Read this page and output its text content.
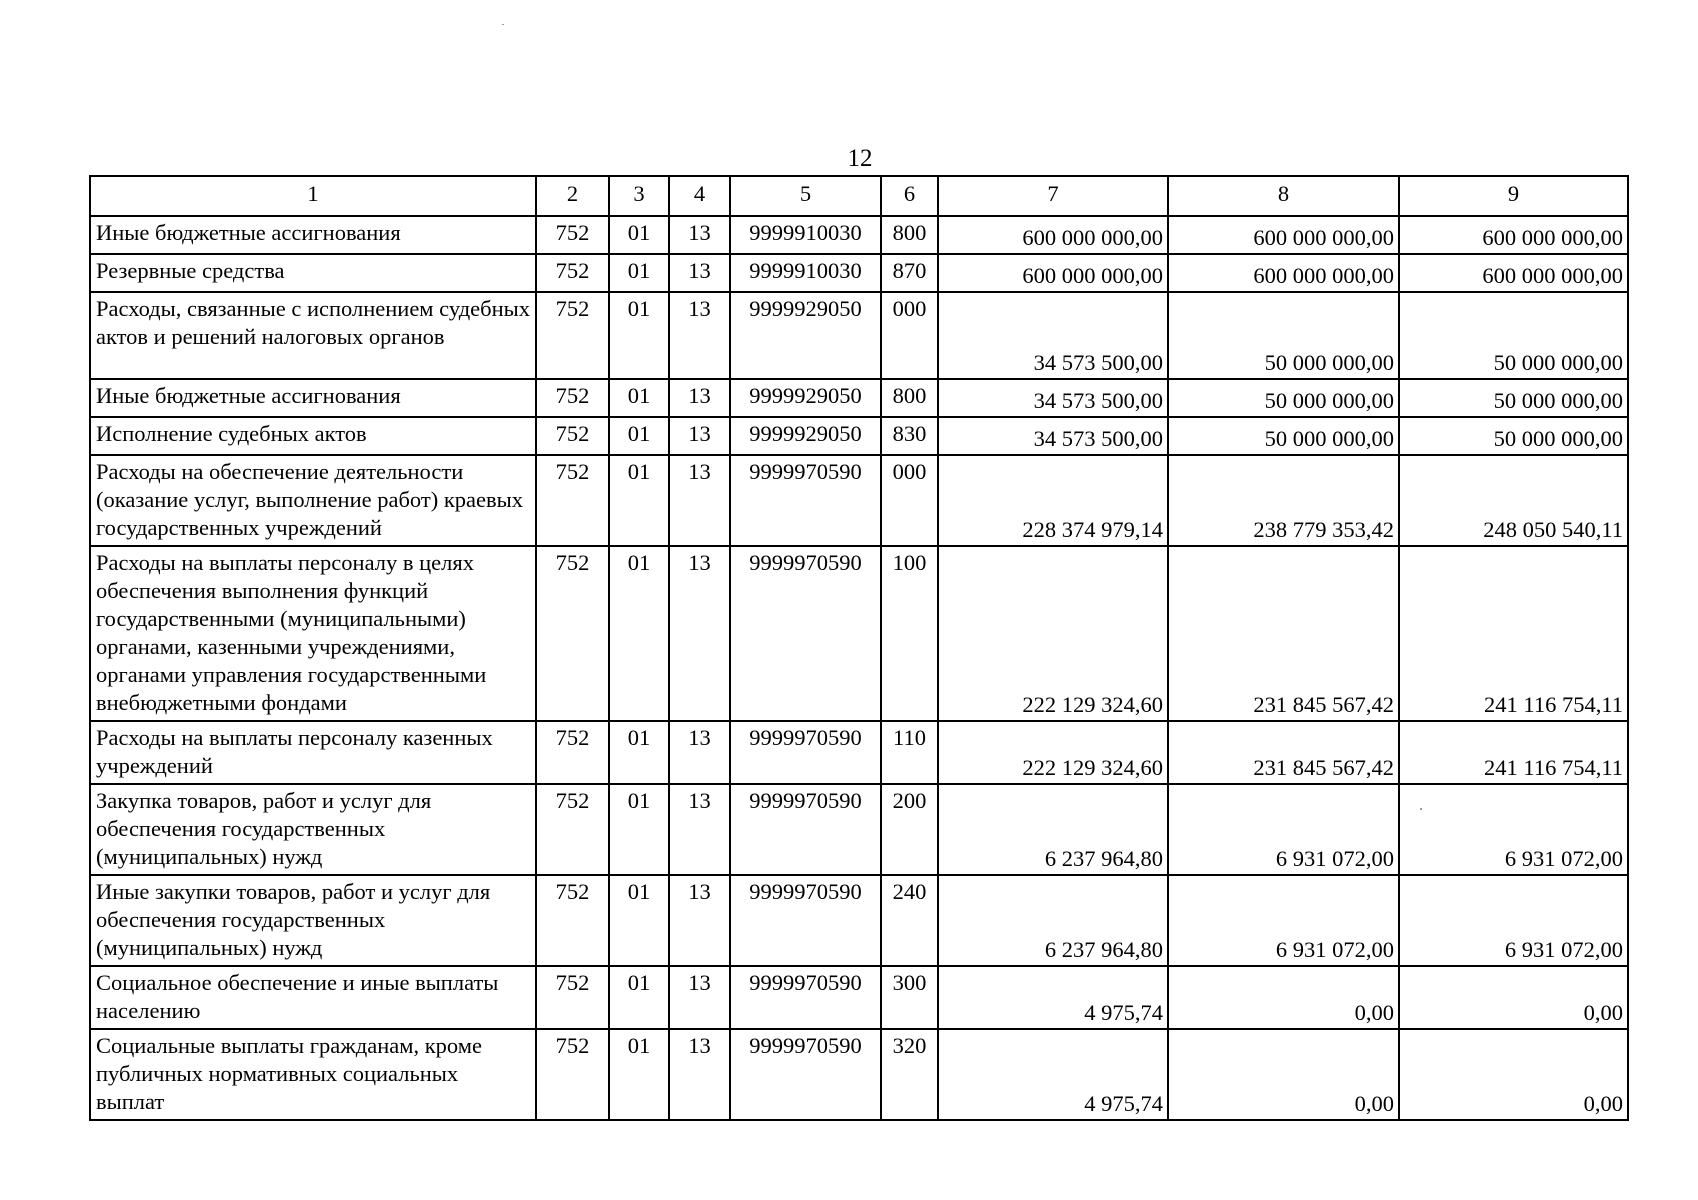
12
1	2	3	4	5	6	7	8	9
Иные бюджетные ассигнования	752	01	13	9999910030	800	600 000 000,00	600 000 000,00	600 000 000,00
Резервные средства	752	01	13	9999910030	870	600 000 000,00	600 000 000,00	600 000 000,00
Расходы, связанные с исполнением судебных актов и решений налоговых органов	752	01	13	9999929050	000	34 573 500,00	50 000 000,00	50 000 000,00
Иные бюджетные ассигнования	752	01	13	9999929050	800	34 573 500,00	50 000 000,00	50 000 000,00
Исполнение судебных актов	752	01	13	9999929050	830	34 573 500,00	50 000 000,00	50 000 000,00
Расходы на обеспечение деятельности (оказание услуг, выполнение работ) краевых государственных учреждений	752	01	13	9999970590	000	228 374 979,14	238 779 353,42	248 050 540,11
Расходы на выплаты персоналу в целях обеспечения выполнения функций государственными (муниципальными) органами, казенными учреждениями, органами управления государственными внебюджетными фондами	752	01	13	9999970590	100	222 129 324,60	231 845 567,42	241 116 754,11
Расходы на выплаты персоналу казенных учреждений	752	01	13	9999970590	110	222 129 324,60	231 845 567,42	241 116 754,11
Закупка товаров, работ и услуг для обеспечения государственных (муниципальных) нужд	752	01	13	9999970590	200	6 237 964,80	6 931 072,00	6 931 072,00
Иные закупки товаров, работ и услуг для обеспечения государственных (муниципальных) нужд	752	01	13	9999970590	240	6 237 964,80	6 931 072,00	6 931 072,00
Социальное обеспечение и иные выплаты населению	752	01	13	9999970590	300	4 975,74	0,00	0,00
Социальные выплаты гражданам, кроме публичных нормативных социальных выплат	752	01	13	9999970590	320	4 975,74	0,00	0,00
